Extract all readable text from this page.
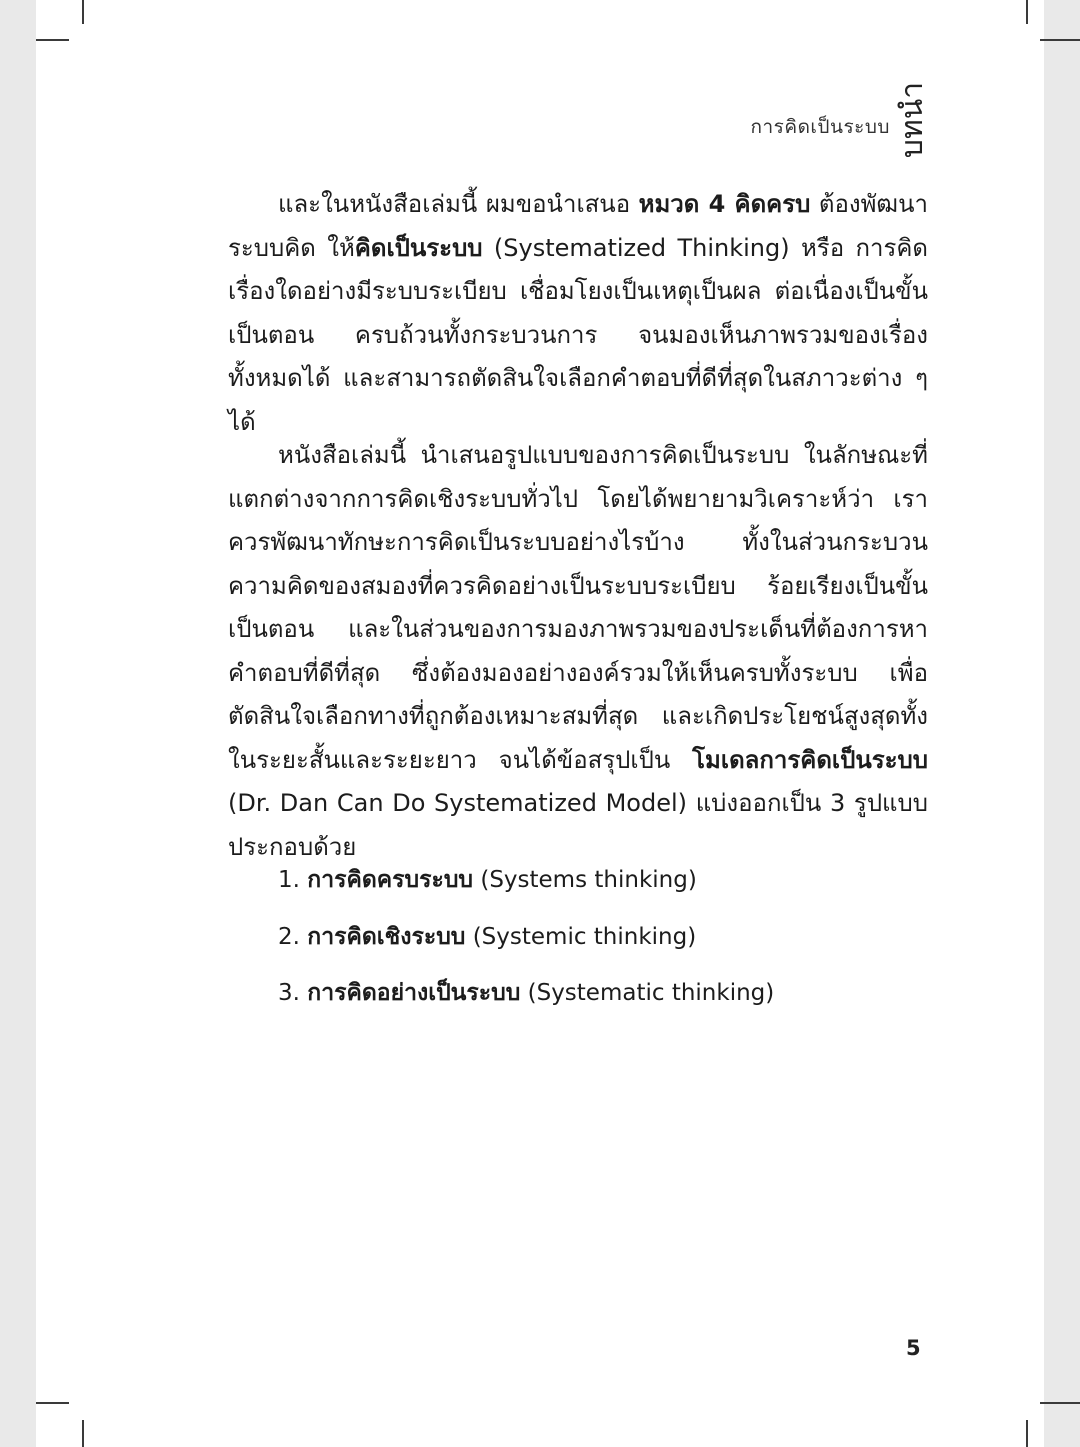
การคิดเป็นระบบ บทนำ

และในหนังสือเล่มนี้ ผมขอนำเสนอ หมวด 4 คิดครบ ต้องพัฒนาระบบคิด ให้คิดเป็นระบบ (Systematized Thinking) หรือ การคิดเรื่องใดอย่างมีระบบระเบียบ เชื่อมโยงเป็นเหตุเป็นผล ต่อเนื่องเป็นขั้นเป็นตอน ครบถ้วนทั้งกระบวนการ จนมองเห็นภาพรวมของเรื่องทั้งหมดได้ และสามารถตัดสินใจเลือกคำตอบที่ดีที่สุดในสภาวะต่าง ๆ ได้

หนังสือเล่มนี้ นำเสนอรูปแบบของการคิดเป็นระบบ ในลักษณะที่แตกต่างจากการคิดเชิงระบบทั่วไป โดยได้พยายามวิเคราะห์ว่า เราควรพัฒนาทักษะการคิดเป็นระบบอย่างไรบ้าง ทั้งในส่วนกระบวนความคิดของสมองที่ควรคิดอย่างเป็นระบบระเบียบ ร้อยเรียงเป็นขั้นเป็นตอน และในส่วนของการมองภาพรวมของประเด็นที่ต้องการหาคำตอบที่ดีที่สุด ซึ่งต้องมองอย่างองค์รวมให้เห็นครบทั้งระบบ เพื่อตัดสินใจเลือกทางที่ถูกต้องเหมาะสมที่สุด และเกิดประโยชน์สูงสุดทั้งในระยะสั้นและระยะยาว จนได้ข้อสรุปเป็น โมเดลการคิดเป็นระบบ (Dr. Dan Can Do Systematized Model) แบ่งออกเป็น 3 รูปแบบ ประกอบด้วย

1. การคิดครบระบบ (Systems thinking)
2. การคิดเชิงระบบ (Systemic thinking)
3. การคิดอย่างเป็นระบบ (Systematic thinking)
5
